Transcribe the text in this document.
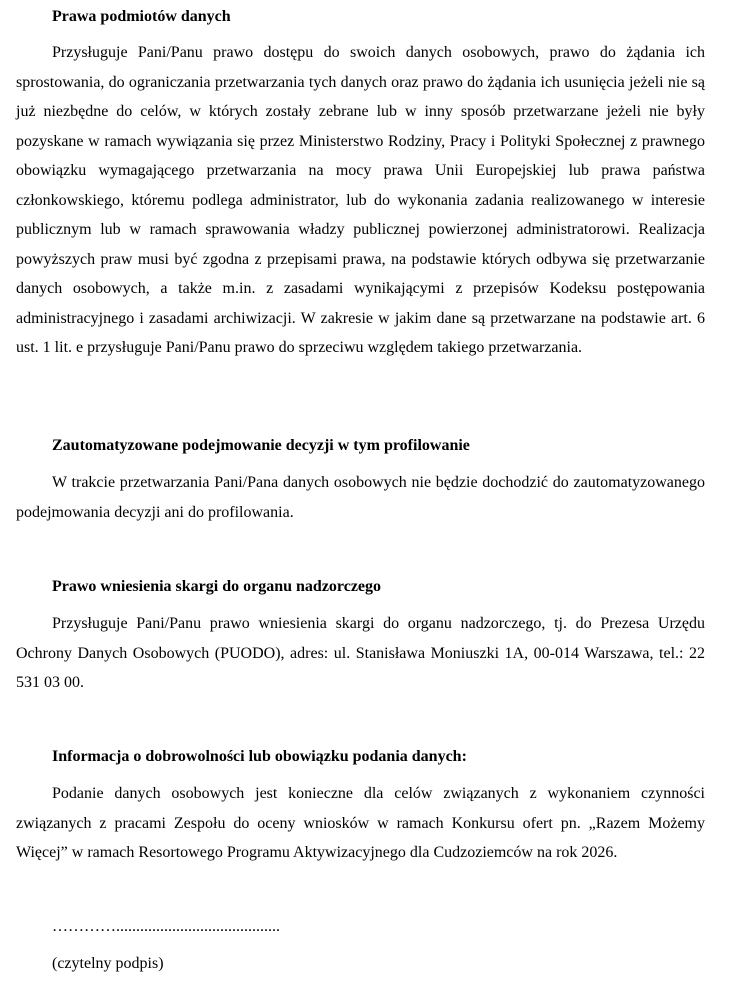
Prawa podmiotów danych

Przysługuje Pani/Panu prawo dostępu do swoich danych osobowych, prawo do żądania ich sprostowania, do ograniczania przetwarzania tych danych oraz prawo do żądania ich usunięcia jeżeli nie są już niezbędne do celów, w których zostały zebrane lub w inny sposób przetwarzane jeżeli nie były pozyskane w ramach wywiązania się przez Ministerstwo Rodziny, Pracy i Polityki Społecznej z prawnego obowiązku wymagającego przetwarzania na mocy prawa Unii Europejskiej lub prawa państwa członkowskiego, któremu podlega administrator, lub do wykonania zadania realizowanego w interesie publicznym lub w ramach sprawowania władzy publicznej powierzonej administratorowi. Realizacja powyższych praw musi być zgodna z przepisami prawa, na podstawie których odbywa się przetwarzanie danych osobowych, a także m.in. z zasadami wynikającymi z przepisów Kodeksu postępowania administracyjnego i zasadami archiwizacji. W zakresie w jakim dane są przetwarzane na podstawie art. 6 ust. 1 lit. e przysługuje Pani/Panu prawo do sprzeciwu względem takiego przetwarzania.

Zautomatyzowane podejmowanie decyzji w tym profilowanie

W trakcie przetwarzania Pani/Pana danych osobowych nie będzie dochodzić do zautomatyzowanego podejmowania decyzji ani do profilowania.

Prawo wniesienia skargi do organu nadzorczego

Przysługuje Pani/Panu prawo wniesienia skargi do organu nadzorczego, tj. do Prezesa Urzędu Ochrony Danych Osobowych (PUODO), adres: ul. Stanisława Moniuszki 1A, 00-014 Warszawa, tel.: 22 531 03 00.

Informacja o dobrowolności lub obowiązku podania danych:

Podanie danych osobowych jest konieczne dla celów związanych z wykonaniem czynności związanych z pracami Zespołu do oceny wniosków w ramach Konkursu ofert pn. „Razem Możemy Więcej” w ramach Resortowego Programu Aktywizacyjnego dla Cudzoziemców na rok 2026.

………….........................................

(czytelny podpis)
